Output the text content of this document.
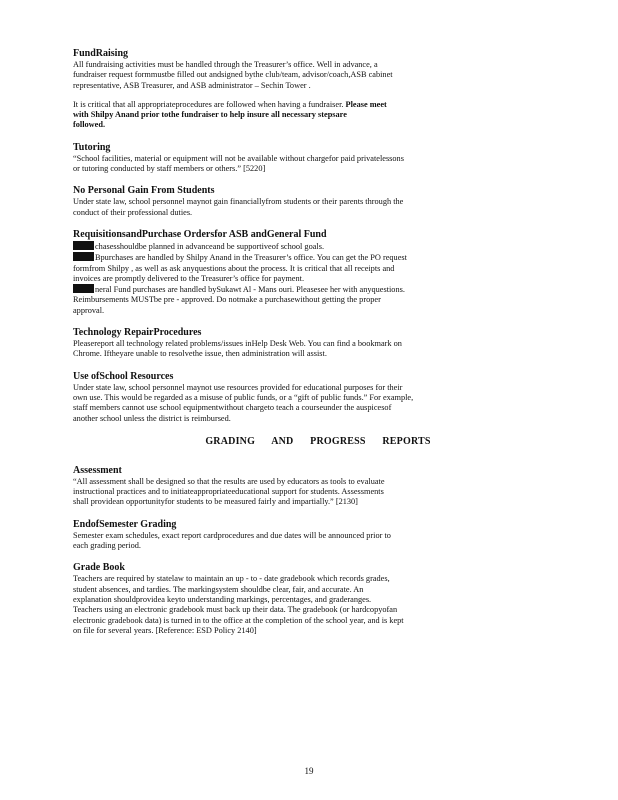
FundRaising
All fundraising activities must be handled through the Treasurer’s office. Well in advance, a
fundraiser request formmustbe filled out andsigned bythe club/team, advisor/coach,ASB cabinet
representative, ASB Treasurer, and ASB administrator – Sechin Tower .
It is critical that all appropriateprocedures are followed when having a fundraiser. Please meet
with Shilpy Anand prior tothe fundraiser to help insure all necessary stepsare
followed.
Tutoring
“School facilities, material or equipment will not be available without chargefor paid privatelessons
or tutoring conducted by staff members or others.” [5220]
No Personal Gain From Students
Under state law, school personnel maynot gain financiallyfrom students or their parents through the
conduct of their professional duties.
RequisitionsandPurchase Ordersfor ASB andGeneral Fund
chasesshouldbe planned in advanceand be supportiveof school goals.
Bpurchases are handled by Shilpy Anand in the Treasurer’s office. You can get the PO request
formfrom Shilpy , as well as ask anyquestions about the process. It is critical that all receipts and
invoices are promptly delivered to the Treasurer’s office for payment.
neral Fund purchases are handled bySukawt Al - Mans ouri. Pleasesee her with anyquestions.
Reimbursements MUSTbe pre - approved. Do notmake a purchasewithout getting the proper
approval.
Technology RepairProcedures
Pleasereport all technology related problems/issues inHelp Desk Web. You can find a bookmark on
Chrome. Iftheyare unable to resolvethe issue, then administration will assist.
Use ofSchool Resources
Under state law, school personnel maynot use resources provided for educational purposes for their
own use. This would be regarded as a misuse of public funds, or a “gift of public funds.” For example,
staff members cannot use school equipmentwithout chargeto teach a courseunder the auspicesof
another school unless the district is reimbursed.
GRADING AND PROGRESS REPORTS
Assessment
“All assessment shall be designed so that the results are used by educators as tools to evaluate
instructional practices and to initiateappropriateeducational support for students. Assessments
shall providean opportunityfor students to be measured fairly and impartially.” [2130]
EndofSemester Grading
Semester exam schedules, exact report cardprocedures and due dates will be announced prior to
each grading period.
Grade Book
Teachers are required by statelaw to maintain an up - to - date gradebook which records grades,
student absences, and tardies. The markingsystem shouldbe clear, fair, and accurate. An
explanation shouldprovidea keyto understanding markings, percentages, and graderanges.
Teachers using an electronic gradebook must back up their data. The gradebook (or hardcopyofan
electronic gradebook data) is turned in to the office at the completion of the school year, and is kept
on file for several years. [Reference: ESD Policy 2140]
19
